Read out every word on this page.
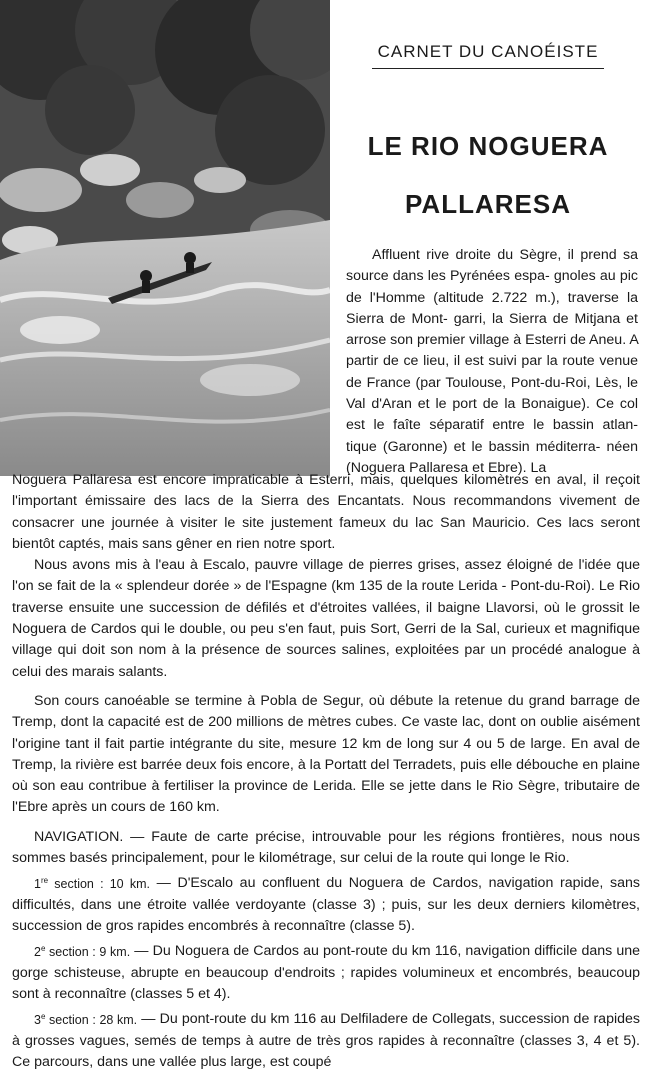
CARNET DU CANOÉISTE
LE RIO NOGUERA
PALLARESA

Affluent rive droite du Sègre, il prend sa source dans les Pyrénées espa- gnoles au pic de l'Homme (altitude 2.722 m.), traverse la Sierra de Mont- garri, la Sierra de Mitjana et arrose son premier village à Esterri de Aneu. A partir de ce lieu, il est suivi par la route venue de France (par Toulouse, Pont-du-Roi, Lès, le Val d'Aran et le port de la Bonaigue). Ce col est le faîte séparatif entre le bassin atlan- tique (Garonne) et le bassin méditerra- néen (Noguera Pallaresa et Ebre). La

Noguera Pallaresa est encore impraticable à Esterri, mais, quelques kilomètres en aval, il reçoit l'important émissaire des lacs de la Sierra des Encantats. Nous recommandons vivement de consacrer une journée à visiter le site justement fameux du lac San Mauricio. Ces lacs seront bientôt captés, mais sans gêner en rien notre sport.

Nous avons mis à l'eau à Escalo, pauvre village de pierres grises, assez éloigné de l'idée que l'on se fait de la « splendeur dorée » de l'Espagne (km 135 de la route Lerida - Pont-du-Roi). Le Rio traverse ensuite une succession de défilés et d'étroites vallées, il baigne Llavorsi, où le grossit le Noguera de Cardos qui le double, ou peu s'en faut, puis Sort, Gerri de la Sal, curieux et magnifique village qui doit son nom à la présence de sources salines, exploitées par un procédé analogue à celui des marais salants.

Son cours canoéable se termine à Pobla de Segur, où débute la retenue du grand barrage de Tremp, dont la capacité est de 200 millions de mètres cubes. Ce vaste lac, dont on oublie aisément l'origine tant il fait partie intégrante du site, mesure 12 km de long sur 4 ou 5 de large. En aval de Tremp, la rivière est barrée deux fois encore, à la Portatt del Terradets, puis elle débouche en plaine où son eau contribue à fertiliser la province de Lerida. Elle se jette dans le Rio Sègre, tributaire de l'Ebre après un cours de 160 km.

NAVIGATION. — Faute de carte précise, introuvable pour les régions frontières, nous nous sommes basés principalement, pour le kilométrage, sur celui de la route qui longe le Rio.

1re section : 10 km. — D'Escalo au confluent du Noguera de Cardos, navigation rapide, sans difficultés, dans une étroite vallée verdoyante (classe 3) ; puis, sur les deux derniers kilomètres, succession de gros rapides encombrés à reconnaître (classe 5).

2e section : 9 km. — Du Noguera de Cardos au pont-route du km 116, navigation difficile dans une gorge schisteuse, abrupte en beaucoup d'endroits ; rapides volumineux et encombrés, beaucoup sont à reconnaître (classes 5 et 4).

3e section : 28 km. — Du pont-route du km 116 au Delfiladere de Collegats, succession de rapides à grosses vagues, semés de temps à autre de très gros rapides à reconnaître (classes 3, 4 et 5). Ce parcours, dans une vallée plus large, est coupé
